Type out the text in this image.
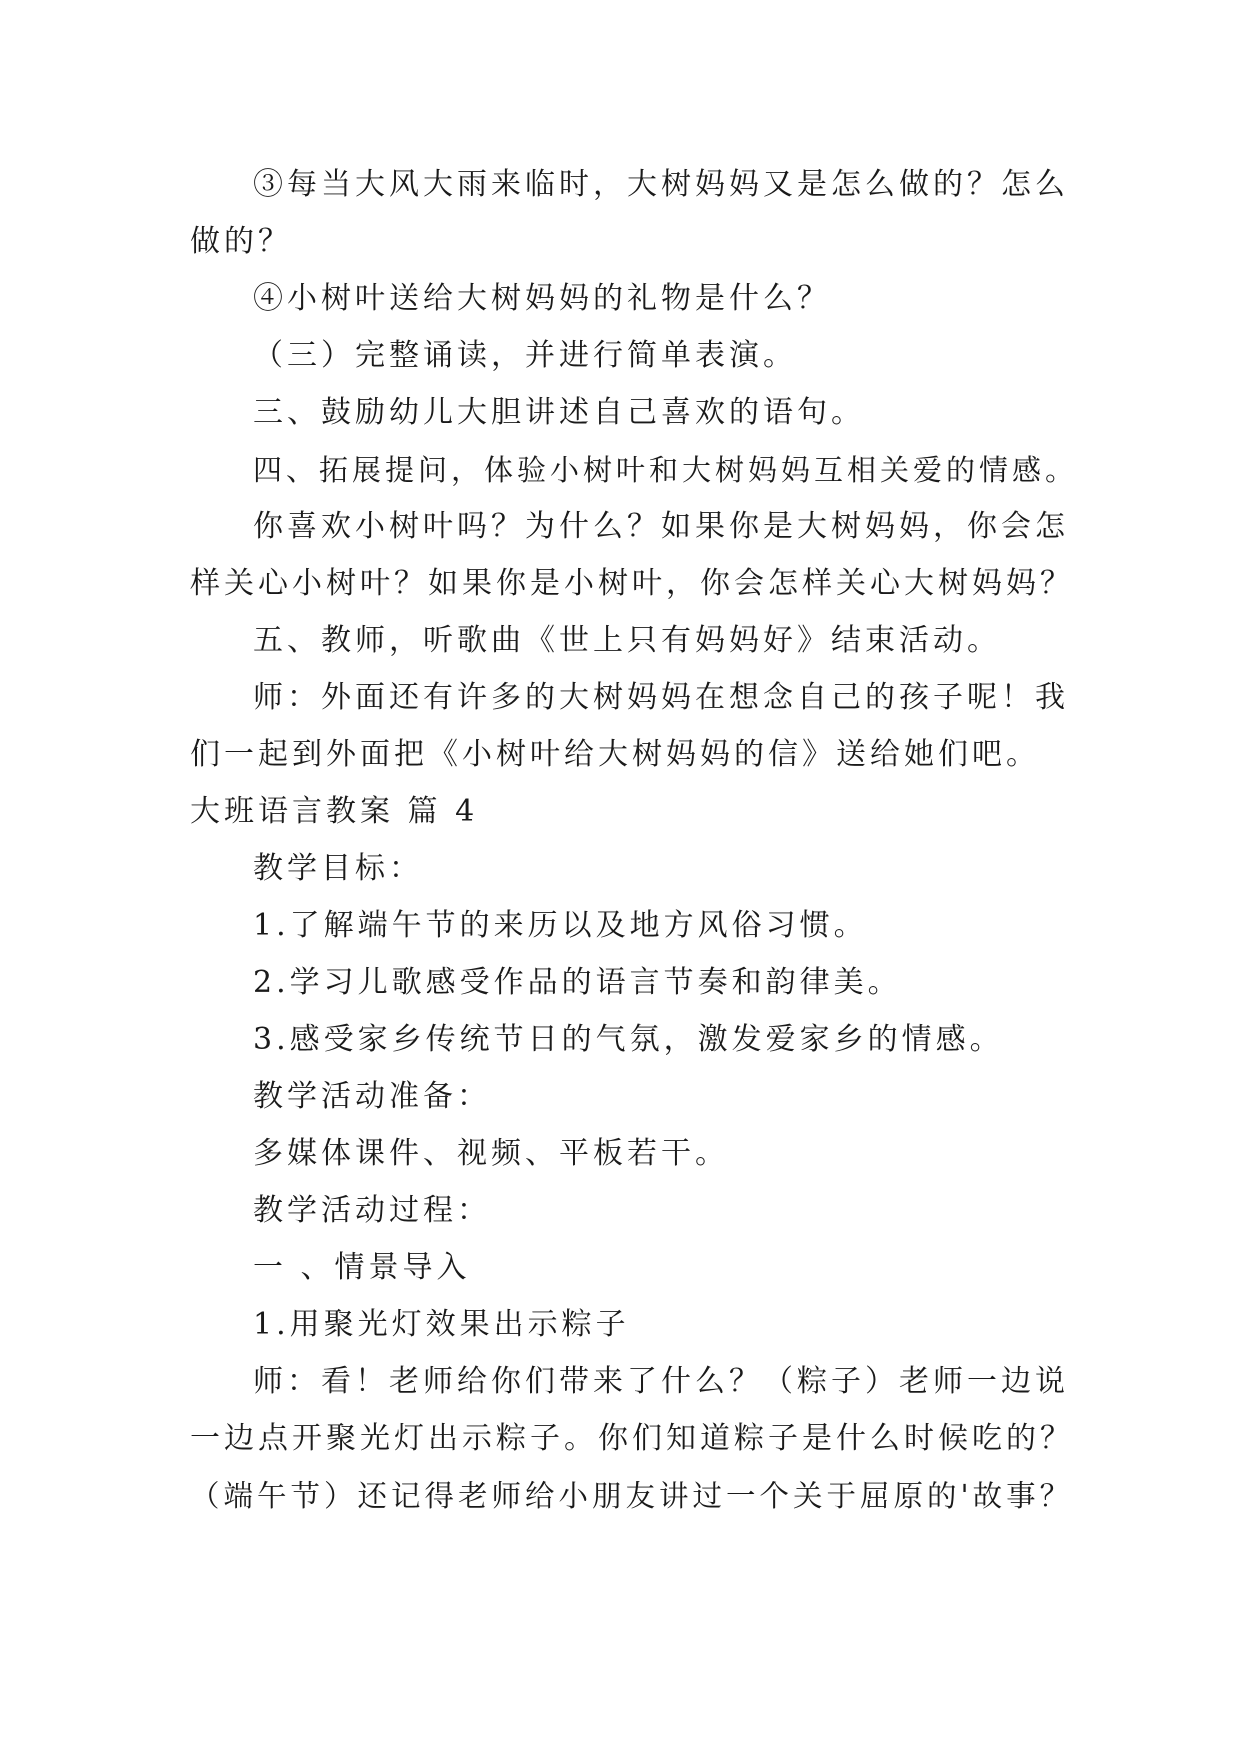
③每当大风大雨来临时，大树妈妈又是怎么做的？怎么

做的？

④小树叶送给大树妈妈的礼物是什么？

（三）完整诵读，并进行简单表演。

三、鼓励幼儿大胆讲述自己喜欢的语句。

四、拓展提问，体验小树叶和大树妈妈互相关爱的情感。

你喜欢小树叶吗？为什么？如果你是大树妈妈，你会怎

样关心小树叶？如果你是小树叶，你会怎样关心大树妈妈？

五、教师，听歌曲《世上只有妈妈好》结束活动。

师：外面还有许多的大树妈妈在想念自己的孩子呢！我

们一起到外面把《小树叶给大树妈妈的信》送给她们吧。

大班语言教案 篇 4

教学目标：

1.了解端午节的来历以及地方风俗习惯。

2.学习儿歌感受作品的语言节奏和韵律美。

3.感受家乡传统节日的气氛，激发爱家乡的情感。

教学活动准备：

多媒体课件、视频、平板若干。

教学活动过程：

一 、情景导入

1.用聚光灯效果出示粽子

师：看！老师给你们带来了什么？（粽子）老师一边说

一边点开聚光灯出示粽子。你们知道粽子是什么时候吃的？

（端午节）还记得老师给小朋友讲过一个关于屈原的'故事？
